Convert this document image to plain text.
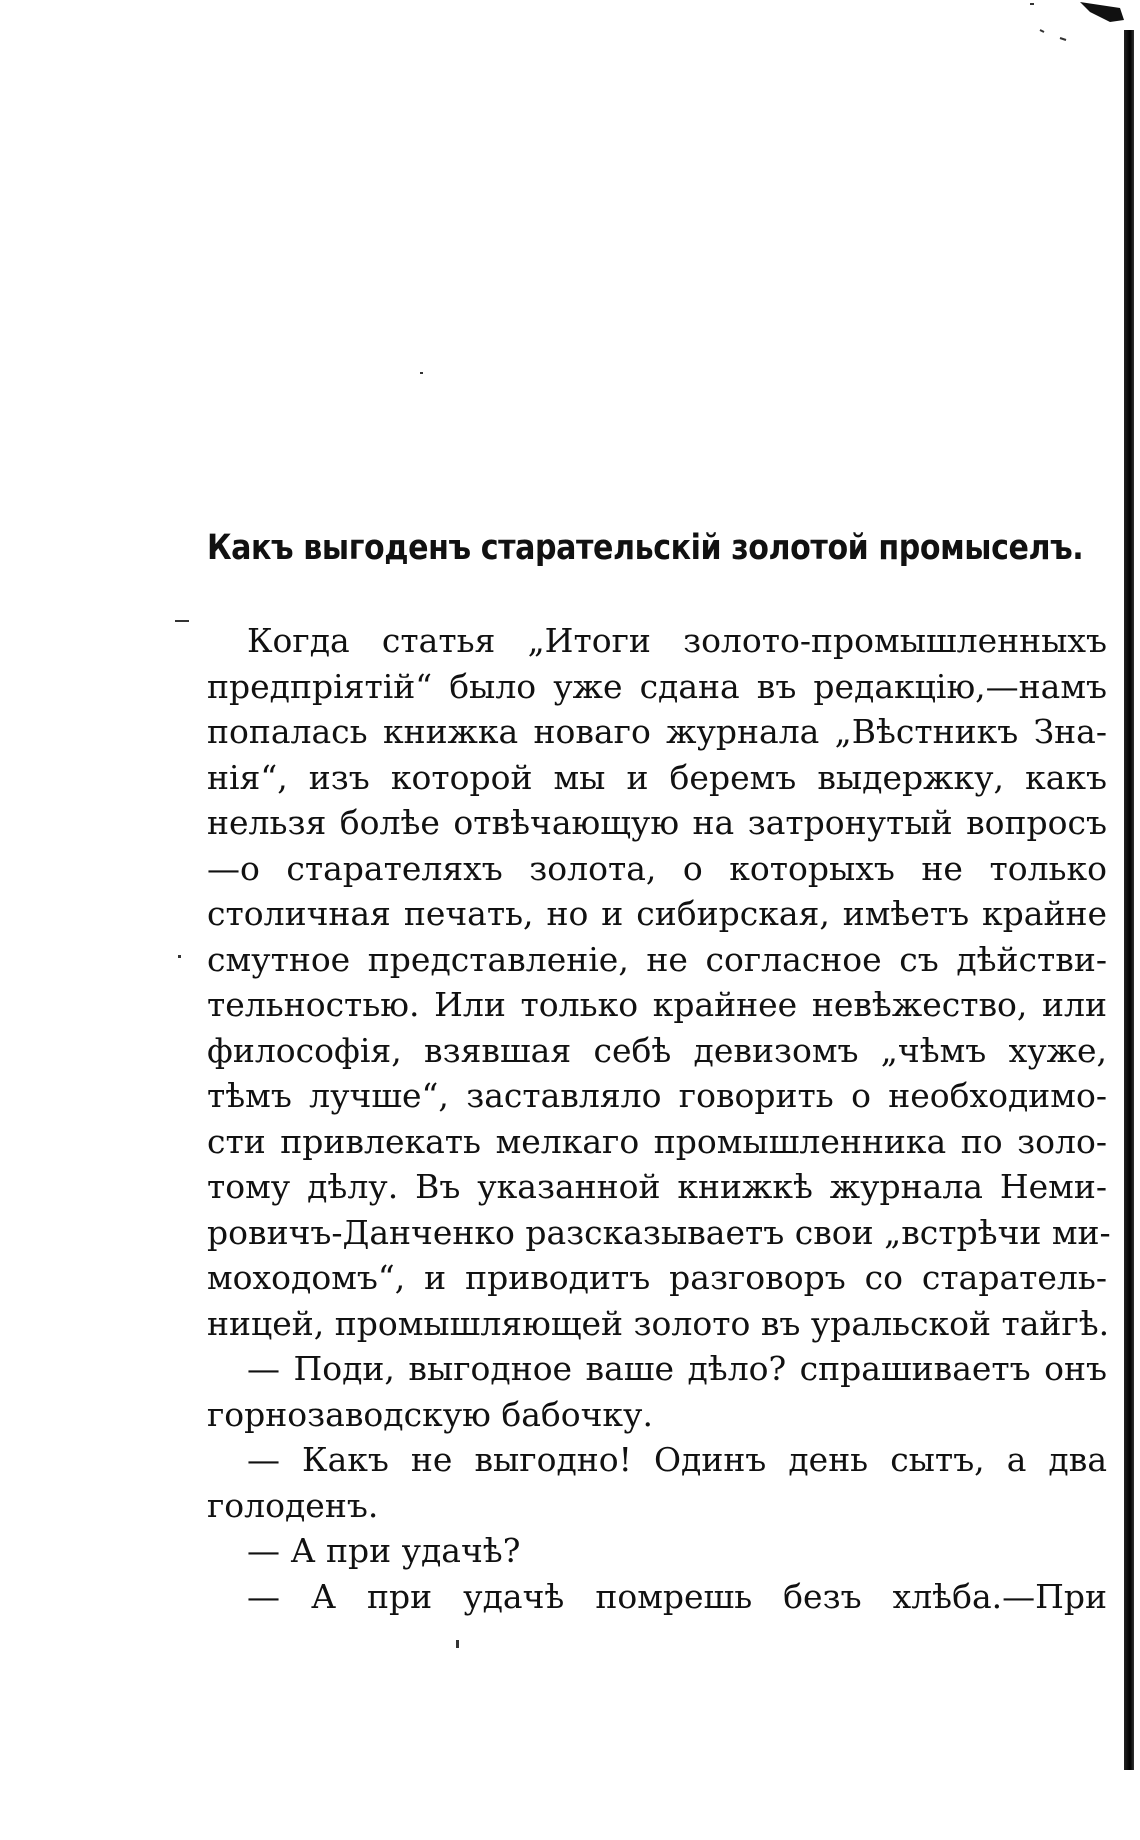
Какъ выгоденъ старательскій золотой промыселъ.
Когда статья „Итоги золото-промышленныхъ
предпріятій“ было уже сдана въ редакцію,—намъ
попалась книжка новаго журнала „Вѣстникъ Зна-
нія“, изъ которой мы и беремъ выдержку, какъ
нельзя болѣе отвѣчающую на затронутый вопросъ
—о старателяхъ золота, о которыхъ не только
столичная печать, но и сибирская, имѣетъ крайне
смутное представленіе, не согласное съ дѣйстви-
тельностью. Или только крайнее невѣжество, или
философія, взявшая себѣ девизомъ „чѣмъ хуже,
тѣмъ лучше“, заставляло говорить о необходимо-
сти привлекать мелкаго промышленника по золо-
тому дѣлу. Въ указанной книжкѣ журнала Неми-
ровичъ-Данченко разсказываетъ свои „встрѣчи ми-
моходомъ“, и приводитъ разговоръ со старатель-
ницей, промышляющей золото въ уральской тайгѣ.
— Поди, выгодное ваше дѣло? спрашиваетъ онъ
горнозаводскую бабочку.
— Какъ не выгодно! Одинъ день сытъ, а два
голоденъ.
— А при удачѣ?
— А при удачѣ помрешь безъ хлѣба.—При
